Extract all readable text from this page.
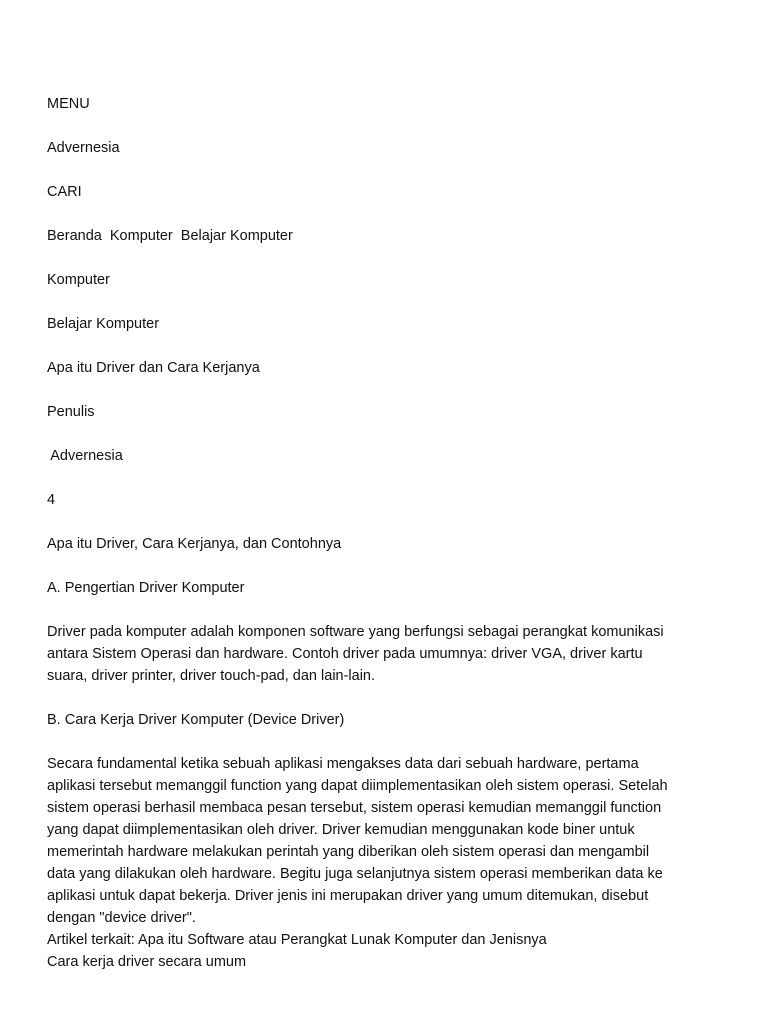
MENU
Advernesia
CARI
Beranda  Komputer  Belajar Komputer
Komputer
Belajar Komputer
Apa itu Driver dan Cara Kerjanya
Penulis
Advernesia
4
Apa itu Driver, Cara Kerjanya, dan Contohnya
A. Pengertian Driver Komputer
Driver pada komputer adalah komponen software yang berfungsi sebagai perangkat komunikasi
antara Sistem Operasi dan hardware. Contoh driver pada umumnya: driver VGA, driver kartu
suara, driver printer, driver touch-pad, dan lain-lain.
B. Cara Kerja Driver Komputer (Device Driver)
Secara fundamental ketika sebuah aplikasi mengakses data dari sebuah hardware, pertama
aplikasi tersebut memanggil function yang dapat diimplementasikan oleh sistem operasi. Setelah
sistem operasi berhasil membaca pesan tersebut, sistem operasi kemudian memanggil function
yang dapat diimplementasikan oleh driver. Driver kemudian menggunakan kode biner untuk
memerintah hardware melakukan perintah yang diberikan oleh sistem operasi dan mengambil
data yang dilakukan oleh hardware. Begitu juga selanjutnya sistem operasi memberikan data ke
aplikasi untuk dapat bekerja. Driver jenis ini merupakan driver yang umum ditemukan, disebut
dengan "device driver".
Artikel terkait: Apa itu Software atau Perangkat Lunak Komputer dan Jenisnya
Cara kerja driver secara umum
